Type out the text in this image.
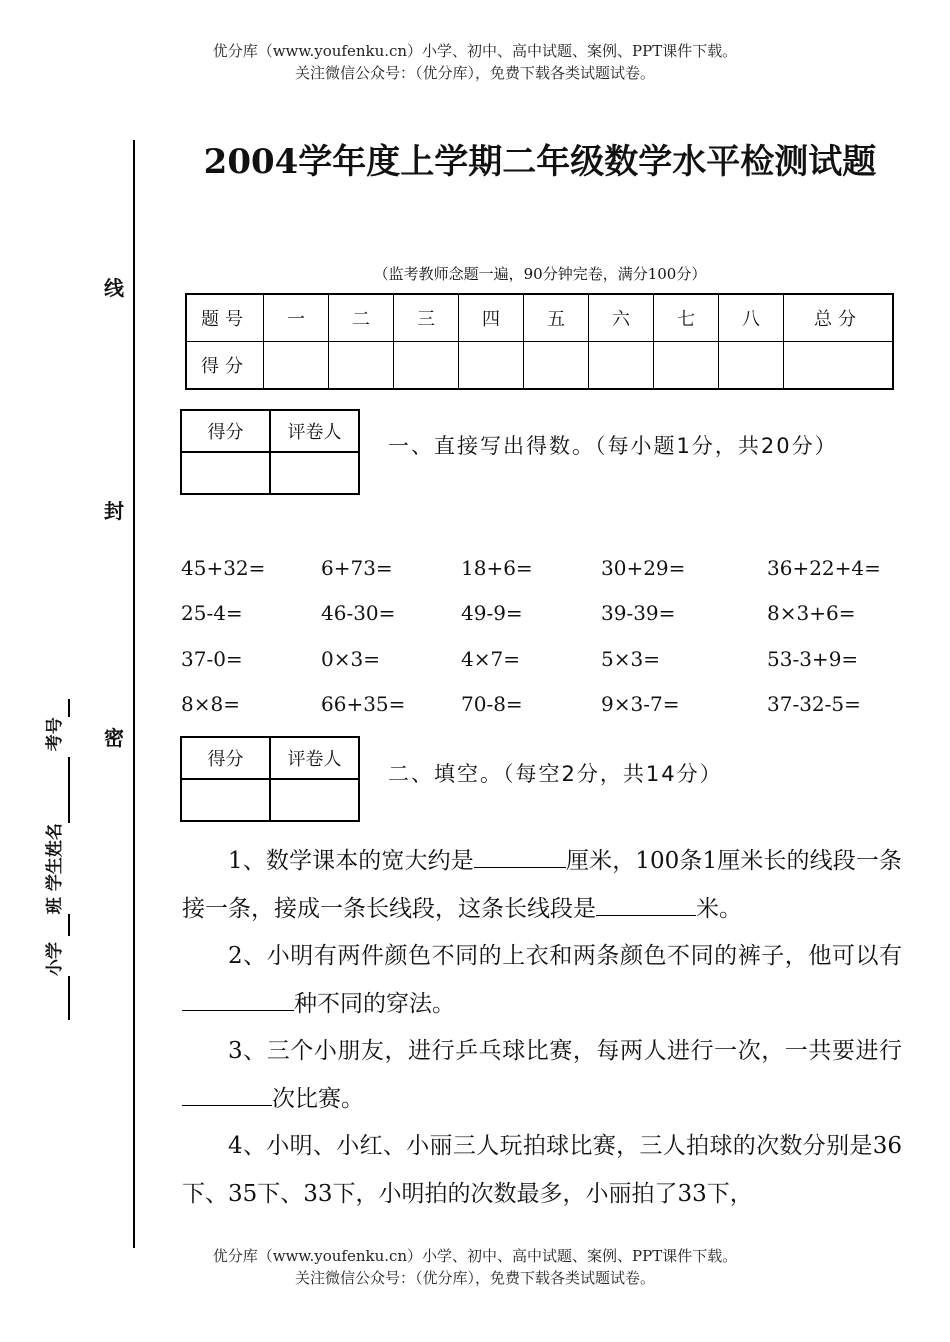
优分库（www.youfenku.cn）小学、初中、高中试题、案例、PPT课件下载。
关注微信公众号：（优分库），免费下载各类试题试卷。
线
封
密
小学 班 学生姓名 考号
2004学年度上学期二年级数学水平检测试题
（监考教师念题一遍，90分钟完卷，满分100分）
题号	一	二	三	四	五	六	七	八	总分
得分									
得分	评卷人

一、直接写出得数。（每小题1分，共20分）
45+32=	6+73=	18+6=	30+29=	36+22+4=
25-4=	46-30=	49-9=	39-39=	8×3+6=
37-0=	0×3=	4×7=	5×3=	53-3+9=
8×8=	66+35=	70-8=	9×3-7=	37-32-5=
得分	评卷人

二、填空。（每空2分，共14分）

1、数学课本的宽大约是	厘米，100条1厘米长的线段一条接一条，接成一条长线段，这条长线段是	米。

2、小明有两件颜色不同的上衣和两条颜色不同的裤子，他可以有种不同的穿法。

3、三个小朋友，进行乒乓球比赛，每两人进行一次，一共要进行次比赛。

4、小明、小红、小丽三人玩拍球比赛，三人拍球的次数分别是36下、35下、33下，小明拍的次数最多，小丽拍了33下，

优分库（www.youfenku.cn）小学、初中、高中试题、案例、PPT课件下载。
关注微信公众号：（优分库），免费下载各类试题试卷。
